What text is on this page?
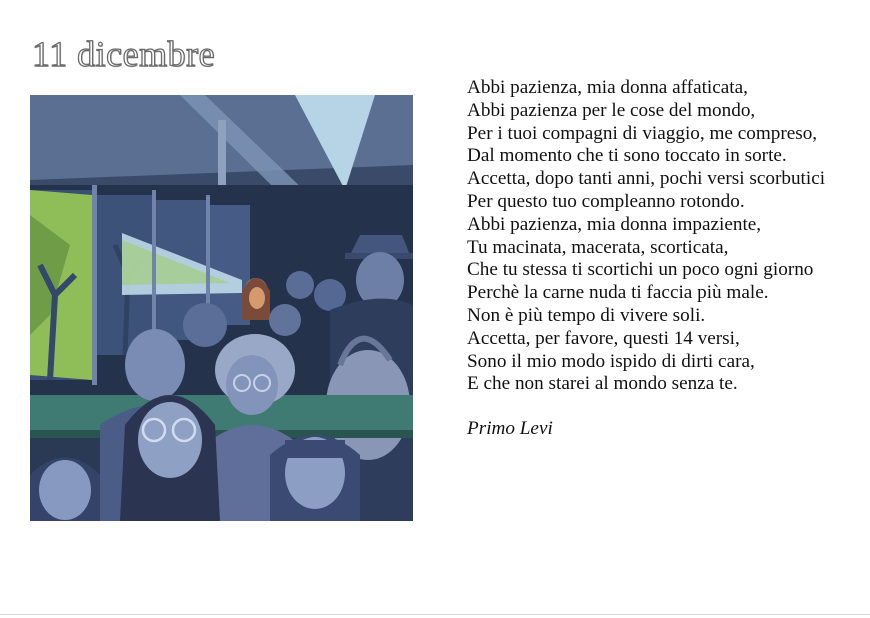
11 dicembre
Abbi pazienza, mia donna affaticata,
Abbi pazienza per le cose del mondo,
Per i tuoi compagni di viaggio, me compreso,
Dal momento che ti sono toccato in sorte.
Accetta, dopo tanti anni, pochi versi scorbutici
Per questo tuo compleanno rotondo.
Abbi pazienza, mia donna impaziente,
Tu macinata, macerata, scorticata,
Che tu stessa ti scortichi un poco ogni giorno
Perchè la carne nuda ti faccia più male.
Non è più tempo di vivere soli.
Accetta, per favore, questi 14 versi,
Sono il mio modo ispido di dirti cara,
E che non starei al mondo senza te.
Primo Levi
